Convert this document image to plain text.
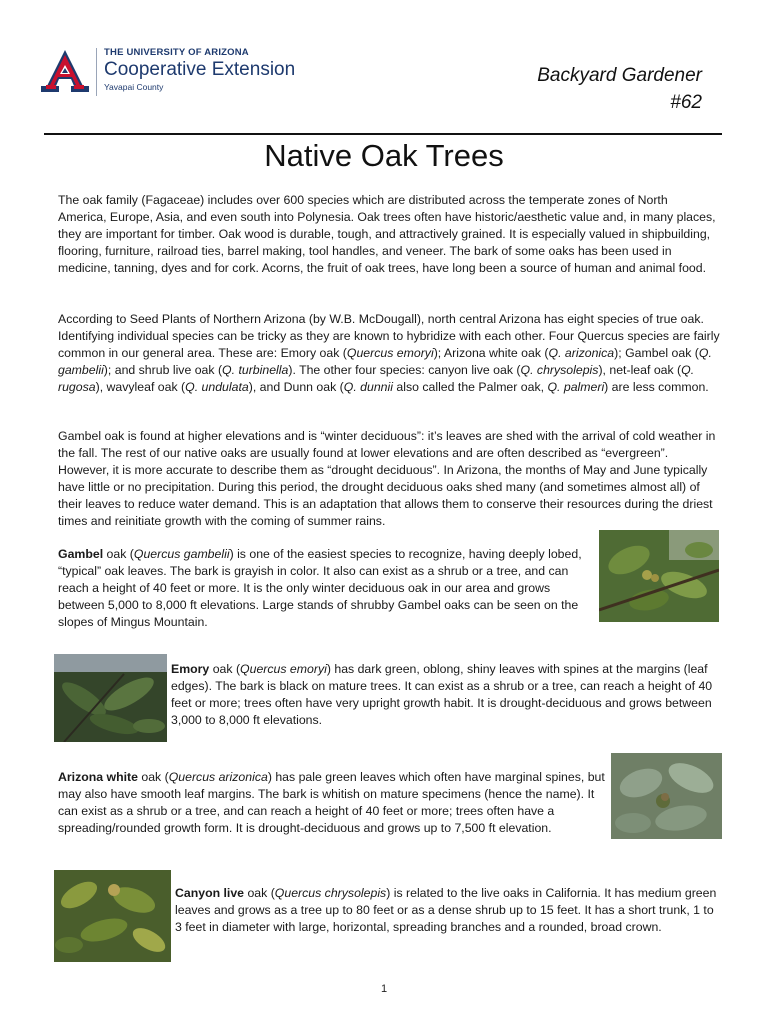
THE UNIVERSITY OF ARIZONA
Cooperative Extension
Yavapai County
Backyard Gardener
#62
Native Oak Trees

The oak family (Fagaceae) includes over 600 species which are distributed across the temperate zones of North America, Europe, Asia, and even south into Polynesia. Oak trees often have historic/aesthetic value and, in many places, they are important for timber. Oak wood is durable, tough, and attractively grained. It is especially valued in shipbuilding, flooring, furniture, railroad ties, barrel making, tool handles, and veneer. The bark of some oaks has been used in medicine, tanning, dyes and for cork. Acorns, the fruit of oak trees, have long been a source of human and animal food.

According to Seed Plants of Northern Arizona (by W.B. McDougall), north central Arizona has eight species of true oak. Identifying individual species can be tricky as they are known to hybridize with each other. Four Quercus species are fairly common in our general area. These are: Emory oak (Quercus emoryi); Arizona white oak (Q. arizonica); Gambel oak (Q. gambelii); and shrub live oak (Q. turbinella). The other four species: canyon live oak (Q. chrysolepis), net-leaf oak (Q. rugosa), wavyleaf oak (Q. undulata), and Dunn oak (Q. dunnii also called the Palmer oak, Q. palmeri) are less common.

Gambel oak is found at higher elevations and is “winter deciduous”: it’s leaves are shed with the arrival of cold weather in the fall. The rest of our native oaks are usually found at lower elevations and are often described as “evergreen”. However, it is more accurate to describe them as “drought deciduous”. In Arizona, the months of May and June typically have little or no precipitation. During this period, the drought deciduous oaks shed many (and sometimes almost all) of their leaves to reduce water demand. This is an adaptation that allows them to conserve their resources during the driest times and reinitiate growth with the coming of summer rains.

Gambel oak (Quercus gambelii) is one of the easiest species to recognize, having deeply lobed, “typical” oak leaves. The bark is grayish in color. It also can exist as a shrub or a tree, and can reach a height of 40 feet or more. It is the only winter deciduous oak in our area and grows between 5,000 to 8,000 ft elevations. Large stands of shrubby Gambel oaks can be seen on the slopes of Mingus Mountain.

Emory oak (Quercus emoryi) has dark green, oblong, shiny leaves with spines at the margins (leaf edges). The bark is black on mature trees. It can exist as a shrub or a tree, can reach a height of 40 feet or more; trees often have very upright growth habit. It is drought-deciduous and grows between 3,000 to 8,000 ft elevations.

Arizona white oak (Quercus arizonica) has pale green leaves which often have marginal spines, but may also have smooth leaf margins. The bark is whitish on mature specimens (hence the name). It can exist as a shrub or a tree, and can reach a height of 40 feet or more; trees often have a spreading/rounded growth form. It is drought-deciduous and grows up to 7,500 ft elevation.

Canyon live oak (Quercus chrysolepis) is related to the live oaks in California. It has medium green leaves and grows as a tree up to 80 feet or as a dense shrub up to 15 feet. It has a short trunk, 1 to 3 feet in diameter with large, horizontal, spreading branches and a rounded, broad crown.

1
